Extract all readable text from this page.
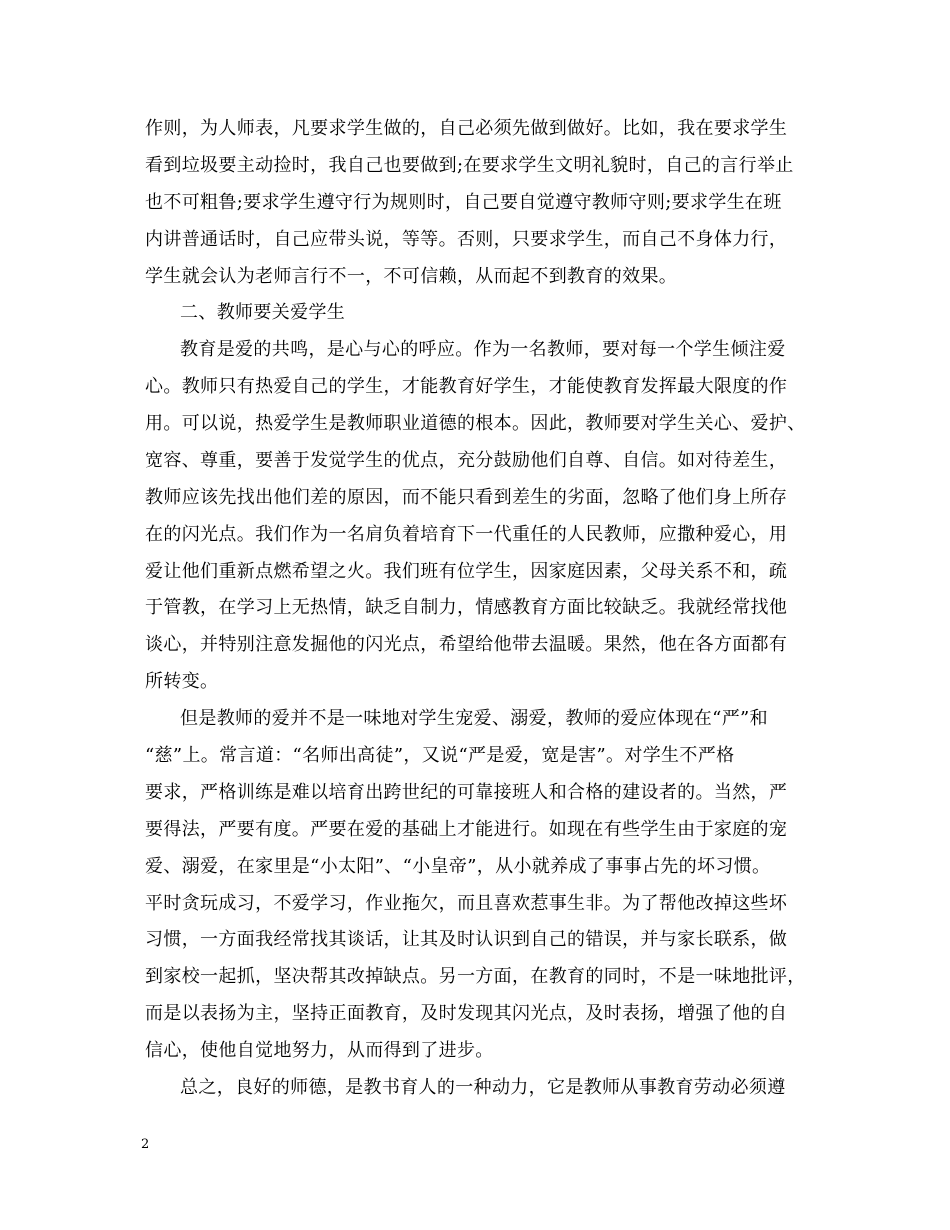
作则，为人师表，凡要求学生做的，自己必须先做到做好。比如，我在要求学生
看到垃圾要主动捡时，我自己也要做到;在要求学生文明礼貌时，自己的言行举止
也不可粗鲁;要求学生遵守行为规则时，自己要自觉遵守教师守则;要求学生在班
内讲普通话时，自己应带头说，等等。否则，只要求学生，而自己不身体力行，
学生就会认为老师言行不一，不可信赖，从而起不到教育的效果。
二、教师要关爱学生
教育是爱的共鸣，是心与心的呼应。作为一名教师，要对每一个学生倾注爱
心。教师只有热爱自己的学生，才能教育好学生，才能使教育发挥最大限度的作
用。可以说，热爱学生是教师职业道德的根本。因此，教师要对学生关心、爱护、
宽容、尊重，要善于发觉学生的优点，充分鼓励他们自尊、自信。如对待差生，
教师应该先找出他们差的原因，而不能只看到差生的劣面，忽略了他们身上所存
在的闪光点。我们作为一名肩负着培育下一代重任的人民教师，应撒种爱心，用
爱让他们重新点燃希望之火。我们班有位学生，因家庭因素，父母关系不和，疏
于管教，在学习上无热情，缺乏自制力，情感教育方面比较缺乏。我就经常找他
谈心，并特别注意发掘他的闪光点，希望给他带去温暖。果然，他在各方面都有
所转变。
但是教师的爱并不是一味地对学生宠爱、溺爱，教师的爱应体现在“严”和
“慈”上。常言道：“名师出高徒”，又说“严是爱，宽是害”。对学生不严格
要求，严格训练是难以培育出跨世纪的可靠接班人和合格的建设者的。当然，严
要得法，严要有度。严要在爱的基础上才能进行。如现在有些学生由于家庭的宠
爱、溺爱，在家里是“小太阳”、“小皇帝”，从小就养成了事事占先的坏习惯。
平时贪玩成习，不爱学习，作业拖欠，而且喜欢惹事生非。为了帮他改掉这些坏
习惯，一方面我经常找其谈话，让其及时认识到自己的错误，并与家长联系，做
到家校一起抓，坚决帮其改掉缺点。另一方面，在教育的同时，不是一味地批评，
而是以表扬为主，坚持正面教育，及时发现其闪光点，及时表扬，增强了他的自
信心，使他自觉地努力，从而得到了进步。
总之，良好的师德，是教书育人的一种动力，它是教师从事教育劳动必须遵
2
